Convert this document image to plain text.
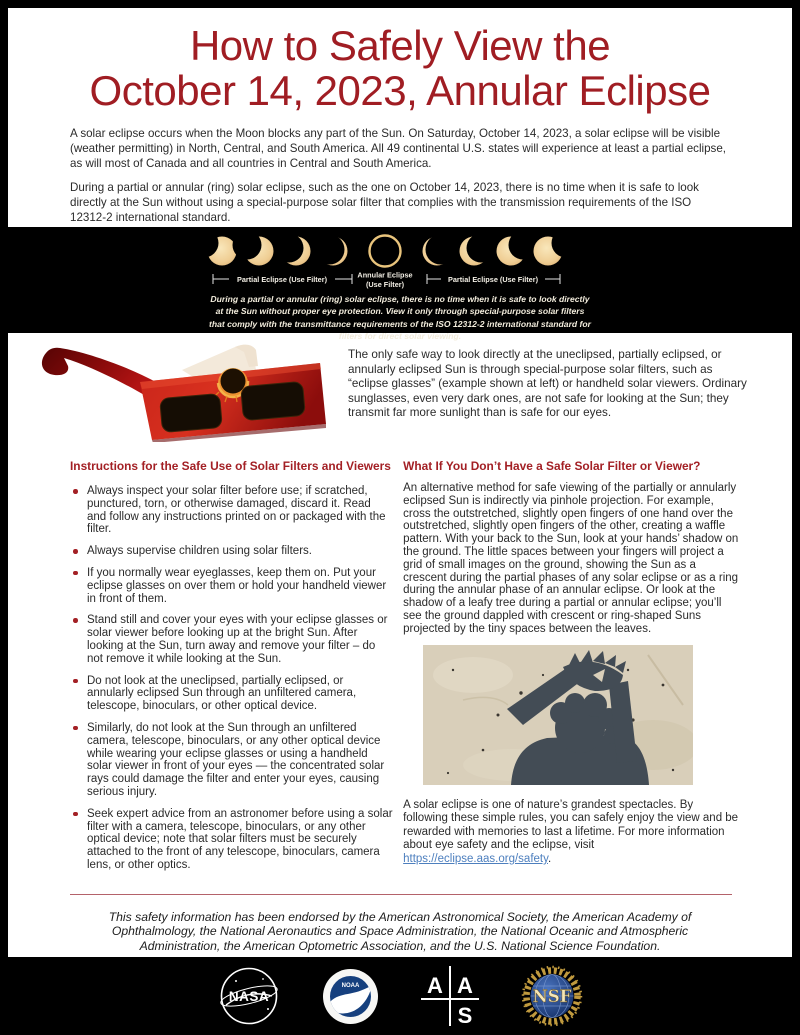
How to Safely View the
October 14, 2023, Annular Eclipse

A solar eclipse occurs when the Moon blocks any part of the Sun. On Saturday, October 14, 2023, a solar eclipse will be visible (weather permitting) in North, Central, and South America. All 49 continental U.S. states will experience at least a partial eclipse, as will most of Canada and all countries in Central and South America.

During a partial or annular (ring) solar eclipse, such as the one on October 14, 2023, there is no time when it is safe to look directly at the Sun without using a special-purpose solar filter that complies with the transmission requirements of the ISO 12312-2 international standard.

Partial Eclipse (Use Filter)	Annular Eclipse
(Use Filter)
Partial Eclipse (Use Filter)
During a partial or annular (ring) solar eclipse, there is no time when it is safe to look directly at the Sun without proper eye protection. View it only through special-purpose solar filters that comply with the transmittance requirements of the ISO 12312-2 international standard for filters for direct solar viewing.

The only safe way to look directly at the uneclipsed, partially eclipsed, or annularly eclipsed Sun is through special-purpose solar filters, such as “eclipse glasses” (example shown at left) or handheld solar viewers. Ordinary sunglasses, even very dark ones, are not safe for looking at the Sun; they transmit far more sunlight than is safe for our eyes.

Instructions for the Safe Use of Solar Filters and Viewers
Always inspect your solar filter before use; if scratched, punctured, torn, or otherwise damaged, discard it. Read and follow any instructions printed on or packaged with the filter.
Always supervise children using solar filters.
If you normally wear eyeglasses, keep them on. Put your eclipse glasses on over them or hold your handheld viewer in front of them.
Stand still and cover your eyes with your eclipse glasses or solar viewer before looking up at the bright Sun. After looking at the Sun, turn away and remove your filter – do not remove it while looking at the Sun.
Do not look at the uneclipsed, partially eclipsed, or annularly eclipsed Sun through an unfiltered camera, telescope, binoculars, or other optical device.
Similarly, do not look at the Sun through an unfiltered camera, telescope, binoculars, or any other optical device while wearing your eclipse glasses or using a handheld solar viewer in front of your eyes — the concentrated solar rays could damage the filter and enter your eyes, causing serious injury.
Seek expert advice from an astronomer before using a solar filter with a camera, telescope, binoculars, or any other optical device; note that solar filters must be securely attached to the front of any telescope, binoculars, camera lens, or other optics.
What If You Don’t Have a Safe Solar Filter or Viewer?

An alternative method for safe viewing of the partially or annularly eclipsed Sun is indirectly via pinhole projection. For example, cross the outstretched, slightly open fingers of one hand over the outstretched, slightly open fingers of the other, creating a waffle pattern. With your back to the Sun, look at your hands’ shadow on the ground. The little spaces between your fingers will project a grid of small images on the ground, showing the Sun as a crescent during the partial phases of any solar eclipse or as a ring during the annular phase of an annular eclipse. Or look at the shadow of a leafy tree during a partial or annular eclipse; you’ll see the ground dappled with crescent or ring-shaped Suns projected by the tiny spaces between the leaves.

A solar eclipse is one of nature’s grandest spectacles. By following these simple rules, you can safely enjoy the view and be rewarded with memories to last a lifetime. For more information about eye safety and the eclipse, visit https://eclipse.aas.org/safety.

This safety information has been endorsed by the American Astronomical Society, the American Academy of Ophthalmology, the National Aeronautics and Space Administration, the National Oceanic and Atmospheric Administration, the American Optometric Association, and the U.S. National Science Foundation.

NASA
NOAA	A A
S
NSF
